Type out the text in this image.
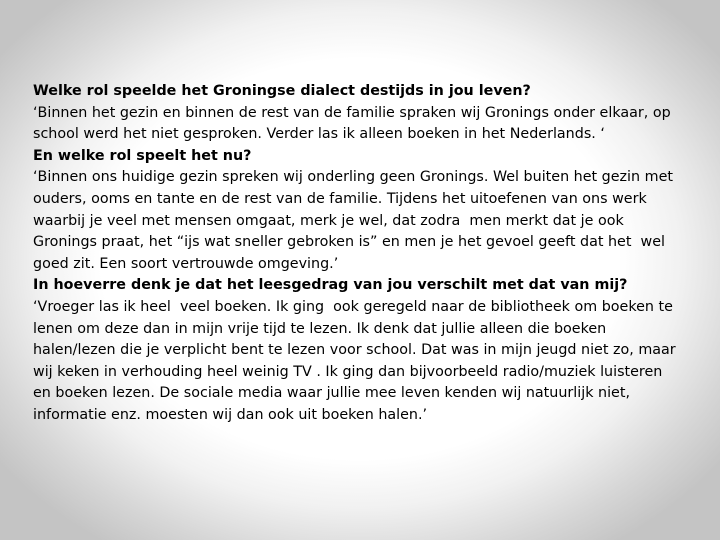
Welke rol speelde het Groningse dialect destijds in jou leven?

‘Binnen het gezin en binnen de rest van de familie spraken wij Gronings onder elkaar, op

school werd het niet gesproken. Verder las ik alleen boeken in het Nederlands. ‘

En welke rol speelt het nu?

‘Binnen ons huidige gezin spreken wij onderling geen Gronings. Wel buiten het gezin met

ouders, ooms en tante en de rest van de familie. Tijdens het uitoefenen van ons werk

waarbij je veel met mensen omgaat, merk je wel, dat zodra  men merkt dat je ook

Gronings praat, het “ijs wat sneller gebroken is” en men je het gevoel geeft dat het  wel

goed zit. Een soort vertrouwde omgeving.’

In hoeverre denk je dat het leesgedrag van jou verschilt met dat van mij?

‘Vroeger las ik heel  veel boeken. Ik ging  ook geregeld naar de bibliotheek om boeken te

lenen om deze dan in mijn vrije tijd te lezen. Ik denk dat jullie alleen die boeken

halen/lezen die je verplicht bent te lezen voor school. Dat was in mijn jeugd niet zo, maar

wij keken in verhouding heel weinig TV . Ik ging dan bijvoorbeeld radio/muziek luisteren

en boeken lezen. De sociale media waar jullie mee leven kenden wij natuurlijk niet,

informatie enz. moesten wij dan ook uit boeken halen.’
